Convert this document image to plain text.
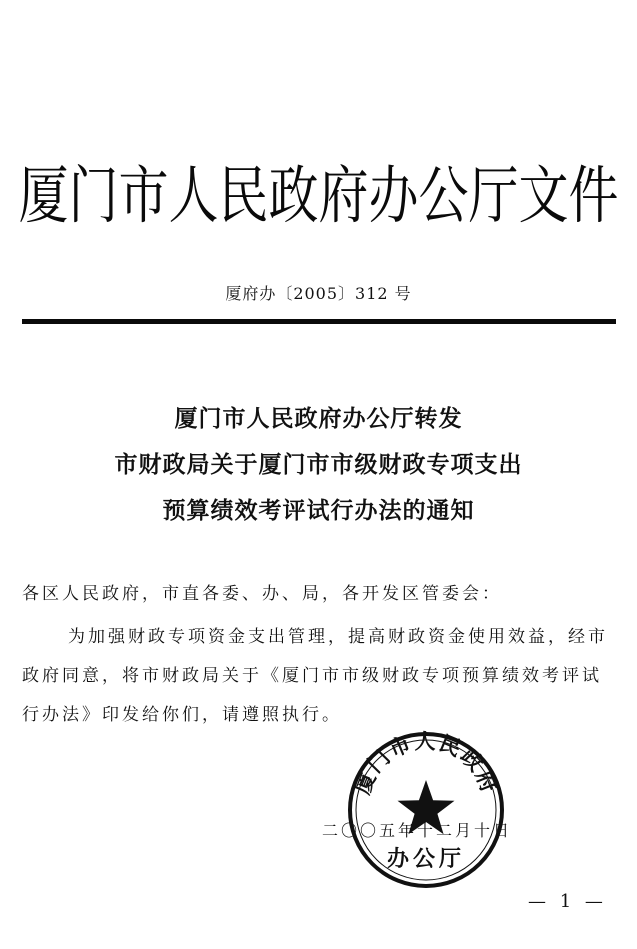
厦门市人民政府办公厅文件
厦府办〔2005〕312 号
厦门市人民政府办公厅转发
市财政局关于厦门市市级财政专项支出
预算绩效考评试行办法的通知
各区人民政府，市直各委、办、局，各开发区管委会：
为加强财政专项资金支出管理，提高财政资金使用效益，经市
政府同意，将市财政局关于《厦门市市级财政专项预算绩效考评试
行办法》印发给你们，请遵照执行。
二〇〇五年十二月十日
厦门市人民政府
办公厅
— 1 —
